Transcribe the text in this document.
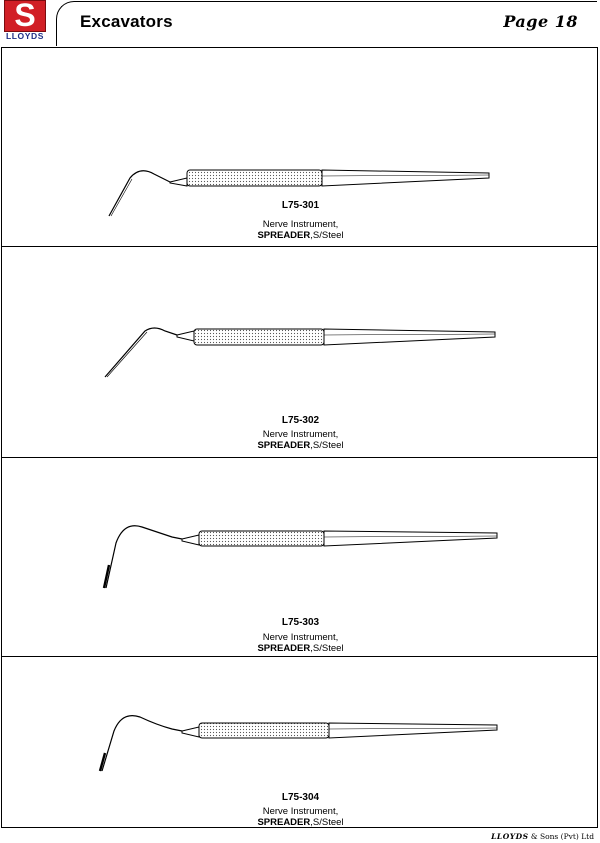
S
LLOYDS
Excavators	Page 18
L75-301
Nerve Instrument,
SPREADER,S/Steel
L75-302
Nerve Instrument,
SPREADER,S/Steel
L75-303
Nerve Instrument,
SPREADER,S/Steel
L75-304
Nerve Instrument,
SPREADER,S/Steel
LLOYDS & Sons (Pvt) Ltd
